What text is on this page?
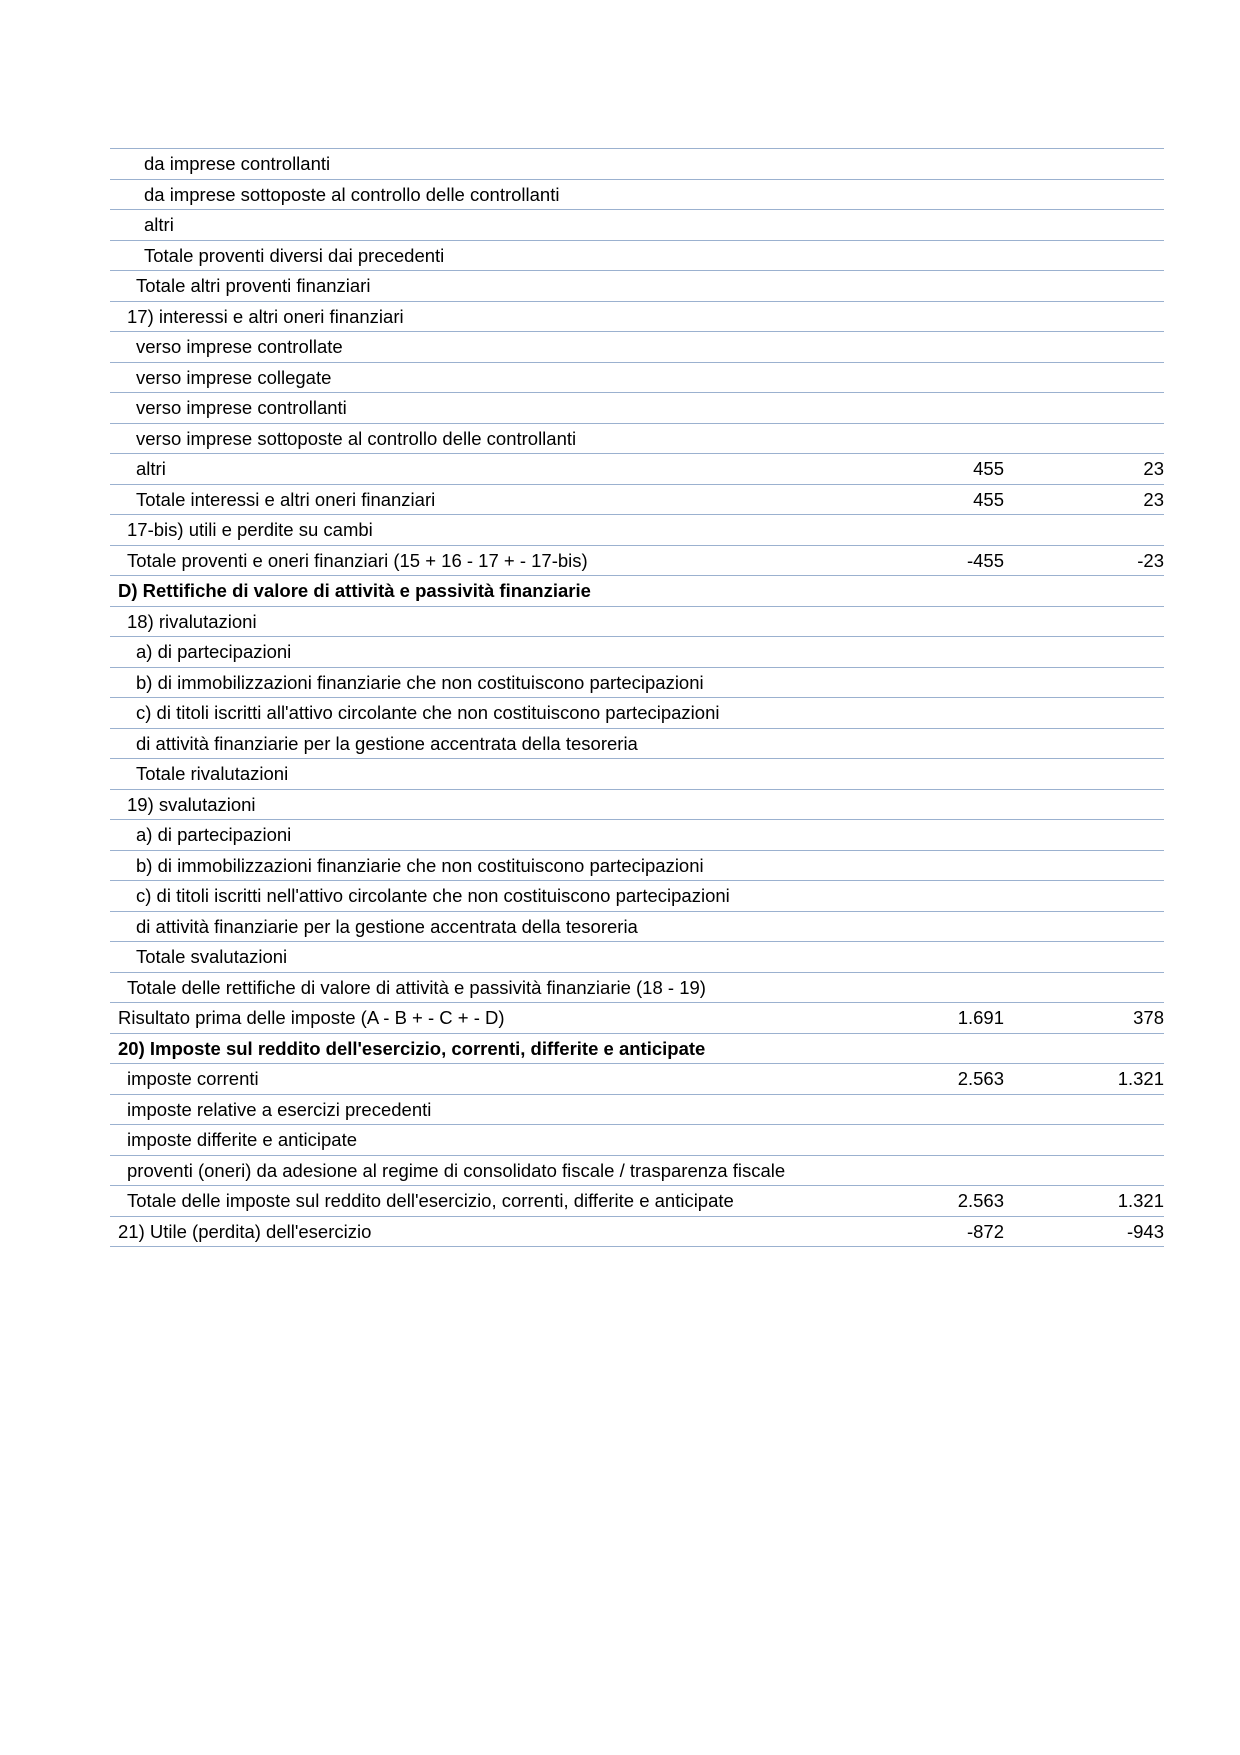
da imprese controllanti		
da imprese sottoposte al controllo delle controllanti		
altri		
Totale proventi diversi dai precedenti		
Totale altri proventi finanziari		
17) interessi e altri oneri finanziari		
verso imprese controllate		
verso imprese collegate		
verso imprese controllanti		
verso imprese sottoposte al controllo delle controllanti		
altri	455	23
Totale interessi e altri oneri finanziari	455	23
17-bis) utili e perdite su cambi		
Totale proventi e oneri finanziari (15 + 16 - 17 + - 17-bis)	-455	-23
D) Rettifiche di valore di attività e passività finanziarie		
18) rivalutazioni		
a) di partecipazioni		
b) di immobilizzazioni finanziarie che non costituiscono partecipazioni		
c) di titoli iscritti all'attivo circolante che non costituiscono partecipazioni		
di attività finanziarie per la gestione accentrata della tesoreria		
Totale rivalutazioni		
19) svalutazioni		
a) di partecipazioni		
b) di immobilizzazioni finanziarie che non costituiscono partecipazioni		
c) di titoli iscritti nell'attivo circolante che non costituiscono partecipazioni		
di attività finanziarie per la gestione accentrata della tesoreria		
Totale svalutazioni		
Totale delle rettifiche di valore di attività e passività finanziarie (18 - 19)		
Risultato prima delle imposte (A - B + - C + - D)	1.691	378
20) Imposte sul reddito dell'esercizio, correnti, differite e anticipate		
imposte correnti	2.563	1.321
imposte relative a esercizi precedenti		
imposte differite e anticipate		
proventi (oneri) da adesione al regime di consolidato fiscale / trasparenza fiscale		
Totale delle imposte sul reddito dell'esercizio, correnti, differite e anticipate	2.563	1.321
21) Utile (perdita) dell'esercizio	-872	-943
